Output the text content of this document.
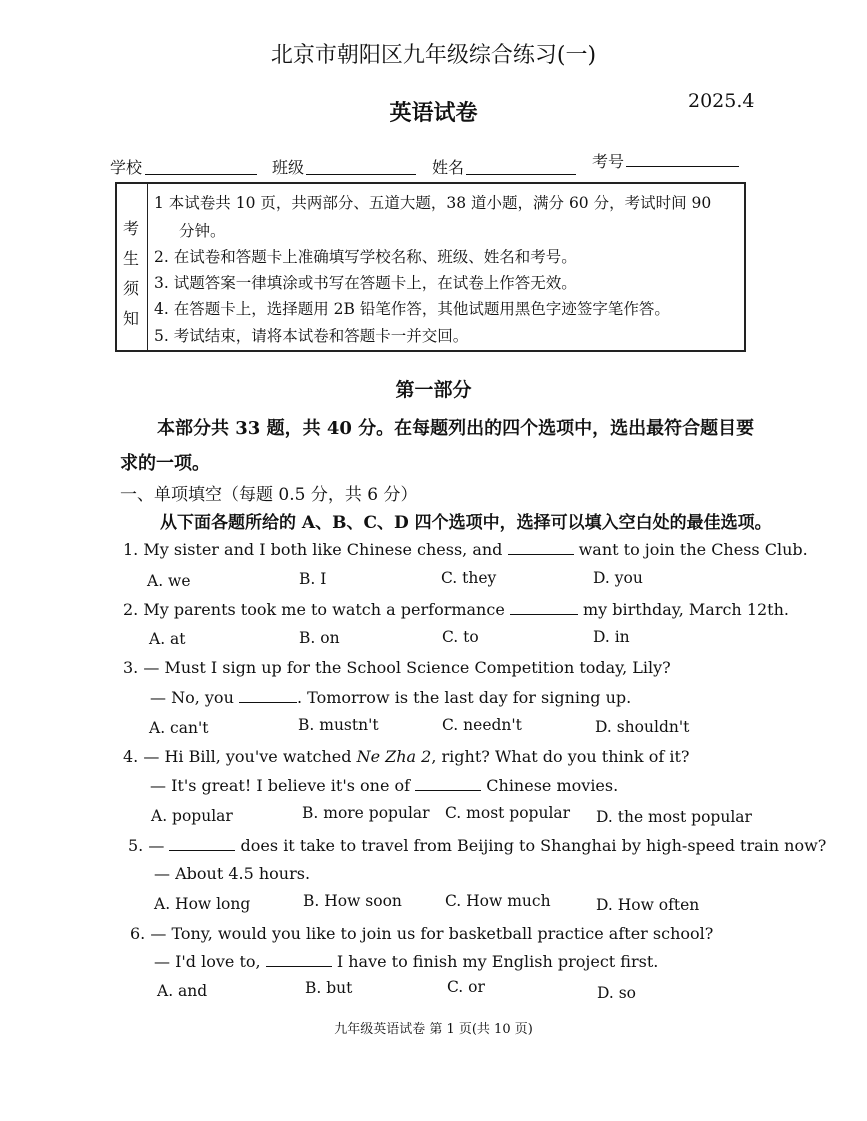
北京市朝阳区九年级综合练习(一)
英语试卷	2025.4
学校	班级	姓名	考号
考
生
须
知
1 本试卷共 10 页，共两部分、五道大题，38 道小题，满分 60 分，考试时间 90
分钟。
2. 在试卷和答题卡上准确填写学校名称、班级、姓名和考号。
3. 试题答案一律填涂或书写在答题卡上，在试卷上作答无效。
4. 在答题卡上，选择题用 2B 铅笔作答，其他试题用黑色字迹签字笔作答。
5. 考试结束，请将本试卷和答题卡一并交回。
第一部分
本部分共 33 题，共 40 分。在每题列出的四个选项中，选出最符合题目要
求的一项。
一、单项填空（每题 0.5 分，共 6 分）
从下面各题所给的 A、B、C、D 四个选项中，选择可以填入空白处的最佳选项。
1. My sister and I both like Chinese chess, and	want to join the Chess Club.
A. we	B. I	C. they	D. you
2. My parents took me to watch a performance	my birthday, March 12th.
A. at	B. on	C. to	D. in
3. — Must I sign up for the School Science Competition today, Lily?
— No, you	. Tomorrow is the last day for signing up.
A. can't	B. mustn't	C. needn't	D. shouldn't
4. — Hi Bill, you've watched Ne Zha 2, right? What do you think of it?
— It's great! I believe it's one of	Chinese movies.
A. popular	B. more popular C. most popular D. the most popular
5. —	does it take to travel from Beijing to Shanghai by high-speed train now?
— About 4.5 hours.
A. How long	B. How soon	C. How much	D. How often
6. — Tony, would you like to join us for basketball practice after school?
— I'd love to,	I have to finish my English project first.
A. and	B. but	C. or	D. so
九年级英语试卷 第 1 页(共 10 页)
